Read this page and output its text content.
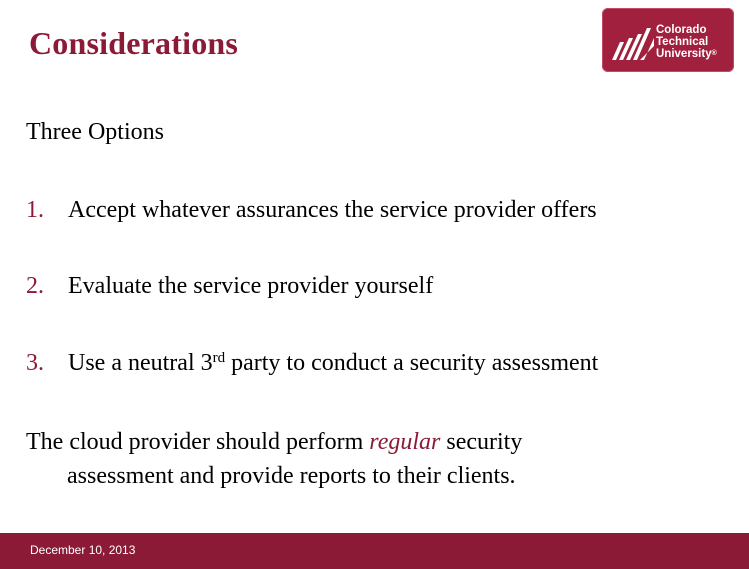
Considerations	Colorado
Technical
University®
Three Options
1. Accept whatever assurances the service provider offers
2. Evaluate the service provider yourself
3. Use a neutral 3rd party to conduct a security assessment
The cloud provider should perform regular security
assessment and provide reports to their clients.
December 10, 2013
